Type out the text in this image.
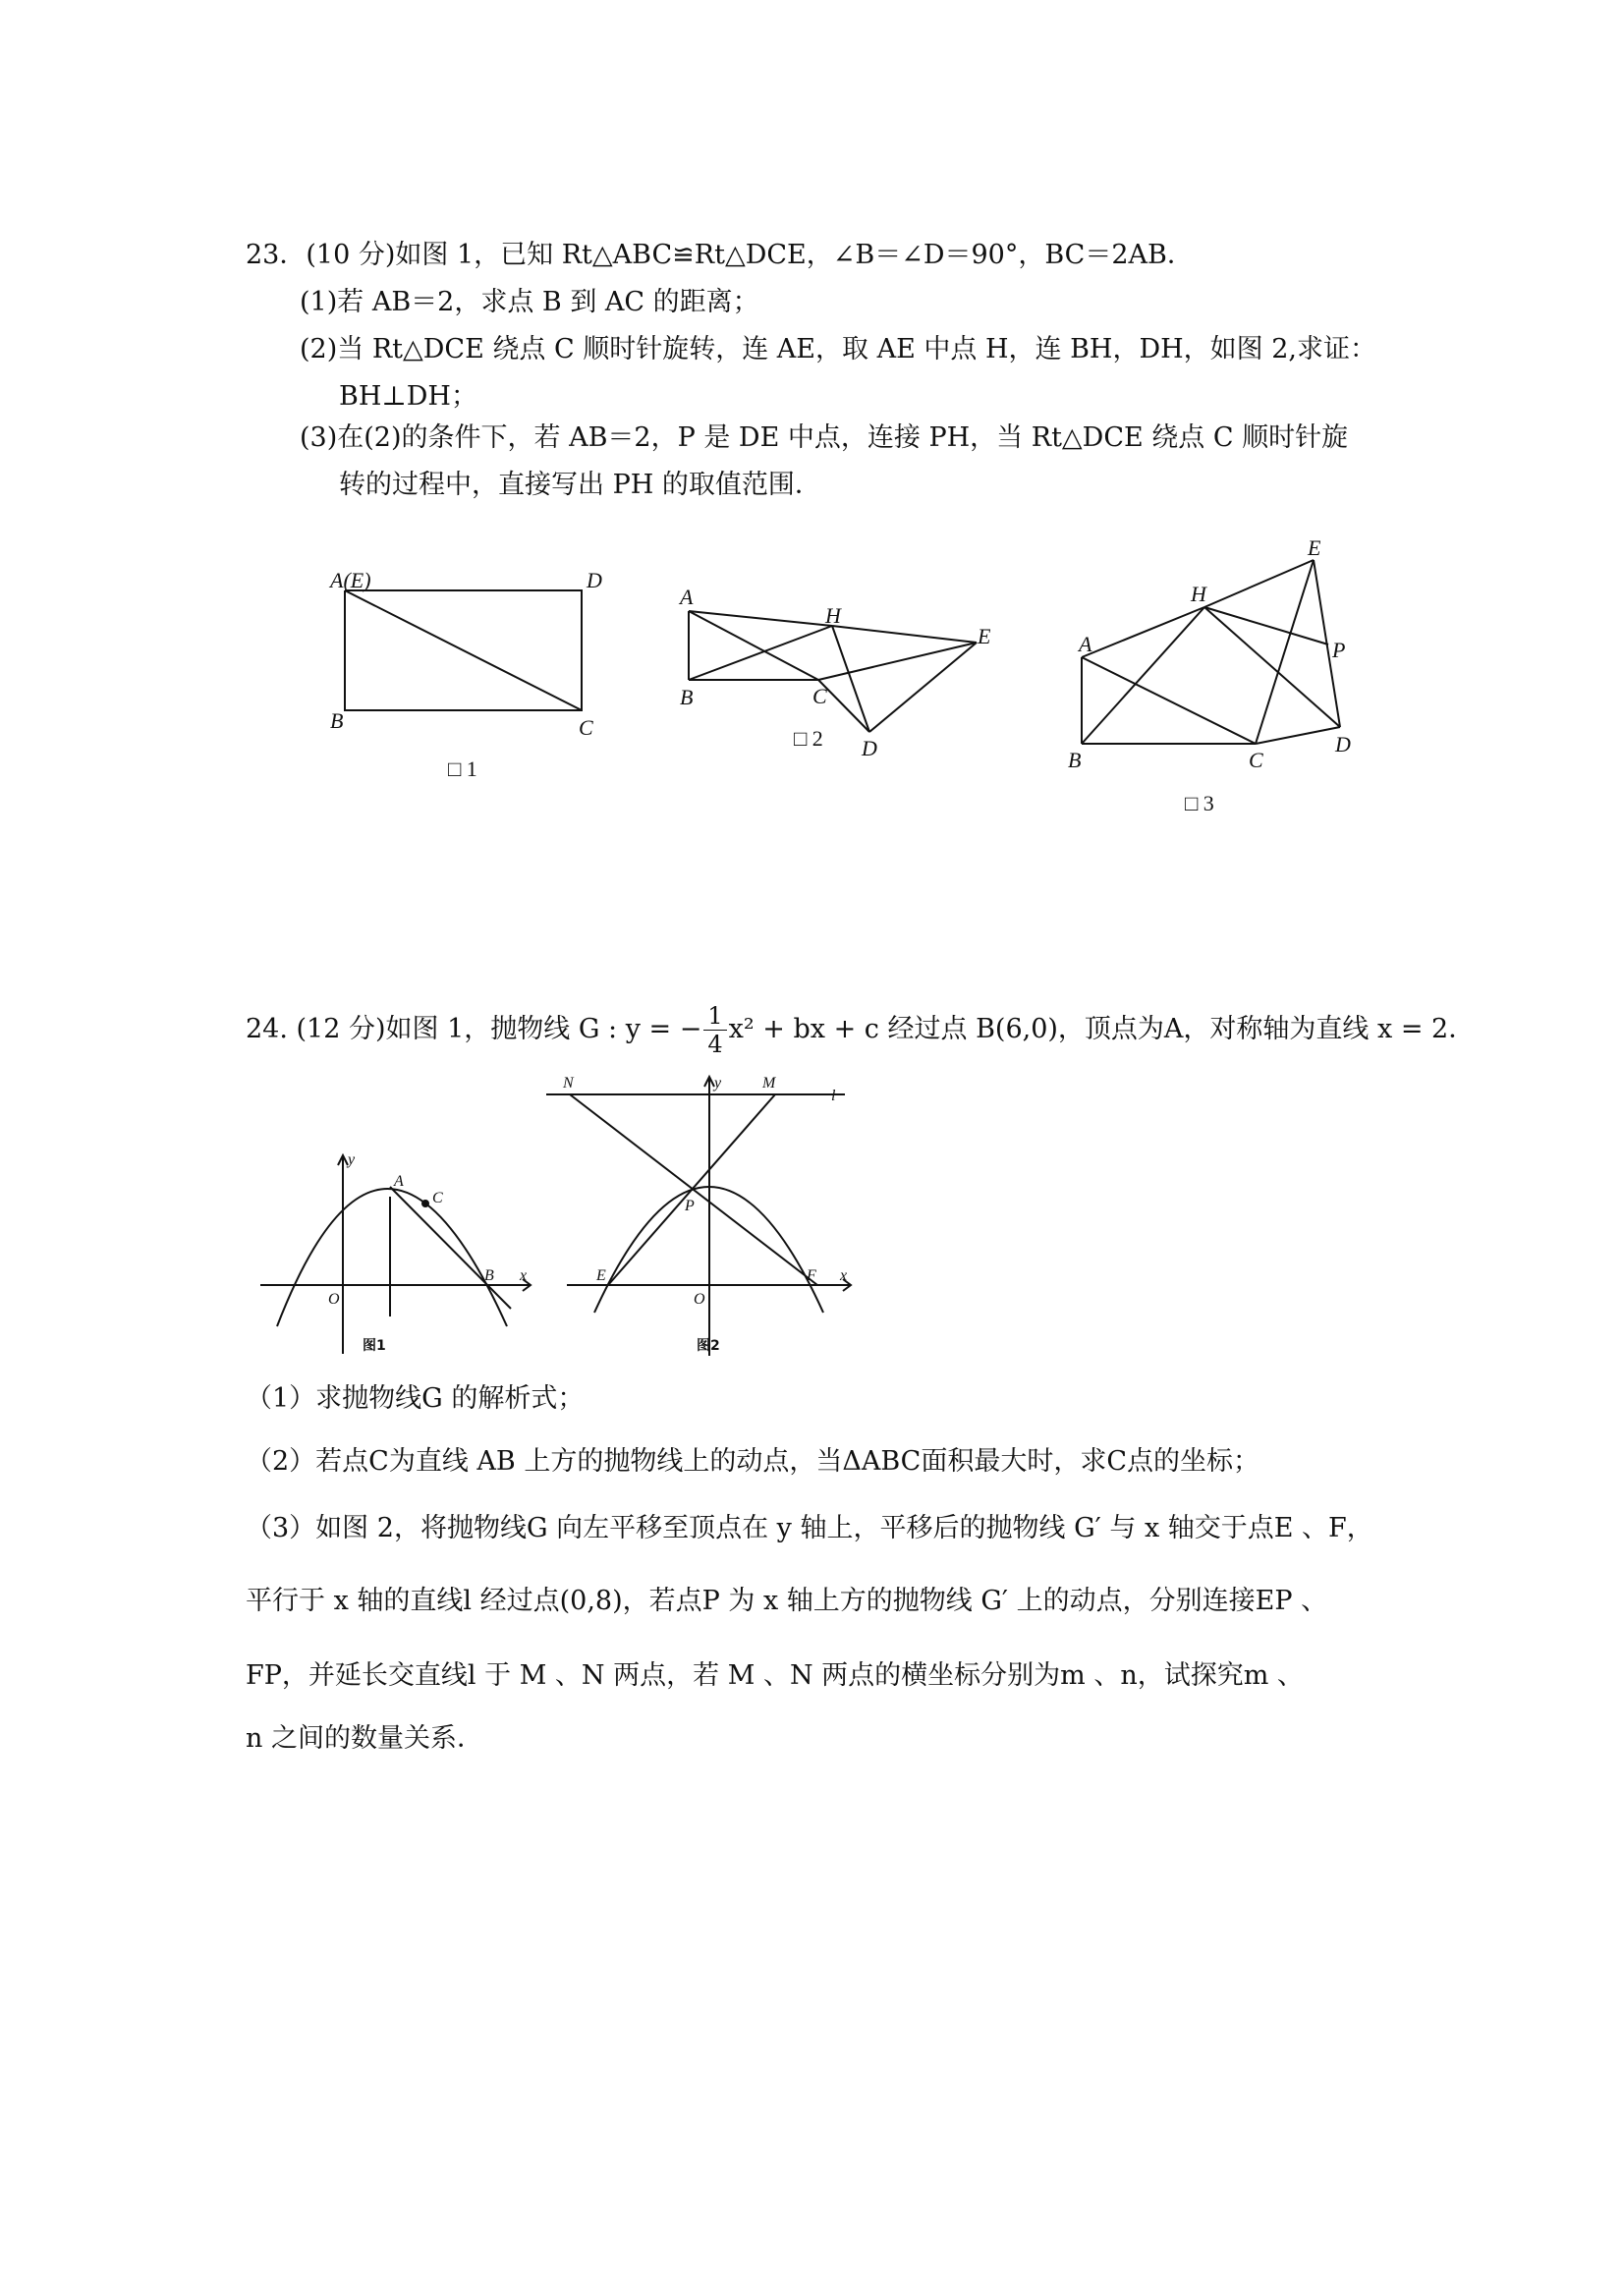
23．(10 分)如图 1，已知 Rt△ABC≌Rt△DCE，∠B＝∠D＝90°，BC＝2AB．
(1)若 AB＝2，求点 B 到 AC 的距离；
(2)当 Rt△DCE 绕点 C 顺时针旋转，连 AE，取 AE 中点 H，连 BH，DH，如图 2,求证：
BH⊥DH；
(3)在(2)的条件下，若 AB＝2，P 是 DE 中点，连接 PH，当 Rt△DCE 绕点 C 顺时针旋
转的过程中，直接写出 PH 的取值范围．
A(E)	D
B	C
□ 1
A
H
E
B	C
D
□ 2
E
H
A	P
B	C
D
□ 3
24. (12 分)如图 1，抛物线 G : y = − $\frac{1}{4} x^2$ + bx + c 经过点 B(6,0)，顶点为A，对称轴为直线 x = 2．
y
A
C
B x
O
图1
N	y	M
l
P
E	F x
O
图2
（1）求抛物线G 的解析式；
（2）若点C为直线 AB 上方的抛物线上的动点，当ΔABC面积最大时，求C点的坐标；
（3）如图 2，将抛物线G 向左平移至顶点在 y 轴上，平移后的抛物线 G′ 与 x 轴交于点E 、F，
平行于 x 轴的直线l 经过点(0,8)，若点P 为 x 轴上方的抛物线 G′ 上的动点，分别连接EP 、
FP，并延长交直线l 于 M 、N 两点，若 M 、N 两点的横坐标分别为m 、n，试探究m 、
n 之间的数量关系．
